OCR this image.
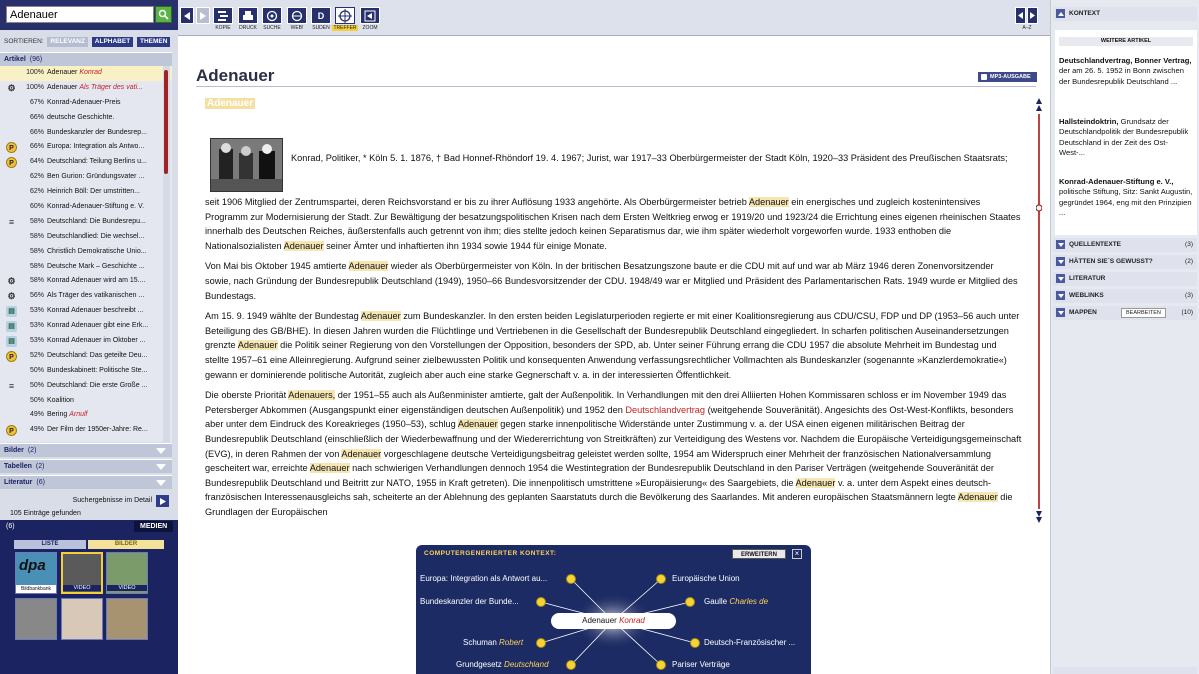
Adenauer
SORTIEREN: RELEVANZ ALPHABET THEMEN
Artikel (96)
100% Adenauer Konrad
⚙	100% Adenauer Als Träger des vati...
67% Konrad-Adenauer-Preis
66% deutsche Geschichte.
66% Bundeskanzler der Bundesrep...
P	66% Europa: Integration als Antwo...
P	64% Deutschland: Teilung Berlins u...
62% Ben Gurion: Gründungsvater ...
62% Heinrich Böll: Der umstritten...
60% Konrad-Adenauer-Stiftung e. V.
≡	58% Deutschland: Die Bundesrepu...
58% Deutschlandlied: Die wechsel...
58% Christlich Demokratische Unio...
58% Deutsche Mark – Geschichte ...
⚙	58% Konrad Adenauer wird am 15....
⚙	56% Als Träger des vatikanischen ...
▤	53% Konrad Adenauer beschreibt ...
▤	53% Konrad Adenauer gibt eine Erk...
▤	53% Konrad Adenauer im Oktober ...
P	52% Deutschland: Das geteilte Deu...
50% Bundeskabinett: Politische Ste...
≡	50% Deutschland: Die erste Große ...
50% Koalition
49% Bering Arnulf
P	49% Der Film der 1950er-Jahre: Re...
Bilder (2)
Tabellen (2)
Literatur (6)
Suchergebnisse im Detail
105 Einträge gefunden
(6)	MEDIEN
LISTE	BILDER
dpa
Bildbankbank	VIDEO	VIDEO
D
KOPIE	DRUCK	SUCHE	WEB!	SUDEN TREFFER	ZOOM	A–Z
Adenauer	MP3-AUSGABE
Adenauer
Konrad, Politiker, * Köln 5. 1. 1876, † Bad Honnef-Rhöndorf 19. 4. 1967; Jurist, war 1917–33 Oberbürgermeister der Stadt Köln, 1920–33 Präsident des Preußischen Staatsrats;

seit 1906 Mitglied der Zentrumspartei, deren Reichsvorstand er bis zu ihrer Auflösung 1933 angehörte. Als Oberbürgermeister betrieb Adenauer ein energisches und zugleich kostenintensives Programm zur Modernisierung der Stadt. Zur Bewältigung der besatzungspolitischen Krisen nach dem Ersten Weltkrieg erwog er 1919/20 und 1923/24 die Errichtung eines eigenen rheinischen Staates innerhalb des Deutschen Reiches, äußerstenfalls auch getrennt von ihm; dies stellte jedoch keinen Separatismus dar, wie ihm später wiederholt vorgeworfen wurde. 1933 enthoben die Nationalsozialisten Adenauer seiner Ämter und inhaftierten ihn 1934 sowie 1944 für einige Monate.

Von Mai bis Oktober 1945 amtierte Adenauer wieder als Oberbürgermeister von Köln. In der britischen Besatzungszone baute er die CDU mit auf und war ab März 1946 deren Zonenvorsitzender sowie, nach Gründung der Bundesrepublik Deutschland (1949), 1950–66 Bundesvorsitzender der CDU. 1948/49 war er Mitglied und Präsident des Parlamentarischen Rats. 1949 wurde er Mitglied des Bundestags.

Am 15. 9. 1949 wählte der Bundestag Adenauer zum Bundeskanzler. In den ersten beiden Legislaturperioden regierte er mit einer Koalitionsregierung aus CDU/CSU, FDP und DP (1953–56 auch unter Beteiligung des GB/BHE). In diesen Jahren wurden die Flüchtlinge und Vertriebenen in die Gesellschaft der Bundesrepublik Deutschland eingegliedert. In scharfen politischen Auseinandersetzungen grenzte Adenauer die Politik seiner Regierung von den Vorstellungen der Opposition, besonders der SPD, ab. Unter seiner Führung errang die CDU 1957 die absolute Mehrheit im Bundestag und stellte 1957–61 eine Alleinregierung. Aufgrund seiner zielbewussten Politik und konsequenten Anwendung verfassungsrechtlicher Vollmachten als Bundeskanzler (sogenannte »Kanzlerdemokratie«) gewann er dominierende politische Autorität, zugleich aber auch eine starke Gegnerschaft v. a. in der interessierten Öffentlichkeit.

Die oberste Priorität Adenauers, der 1951–55 auch als Außenminister amtierte, galt der Außenpolitik. In Verhandlungen mit den drei Alliierten Hohen Kommissaren schloss er im November 1949 das Petersberger Abkommen (Ausgangspunkt einer eigenständigen deutschen Außenpolitik) und 1952 den Deutschlandvertrag (weitgehende Souveränität). Angesichts des Ost-West-Konflikts, besonders aber unter dem Eindruck des Koreakrieges (1950–53), schlug Adenauer gegen starke innenpolitische Widerstände unter Zustimmung v. a. der USA einen eigenen militärischen Beitrag der Bundesrepublik Deutschland (einschließlich der Wiederbewaffnung und der Wiedererrichtung von Streitkräften) zur Verteidigung des Westens vor. Nachdem die Europäische Verteidigungsgemeinschaft (EVG), in deren Rahmen der von Adenauer vorgeschlagene deutsche Verteidigungsbeitrag geleistet werden sollte, 1954 am Widerspruch einer Mehrheit der französischen Nationalversammlung gescheitert war, erreichte Adenauer nach schwierigen Verhandlungen dennoch 1954 die Westintegration der Bundesrepublik Deutschland in den Pariser Verträgen (weitgehende Souveränität der Bundesrepublik Deutschland und Beitritt zur NATO, 1955 in Kraft getreten). Die innenpolitisch umstrittene »Europäisierung« des Saargebiets, die Adenauer v. a. unter dem Aspekt eines deutsch-französischen Interessenausgleichs sah, scheiterte an der Ablehnung des geplanten Saarstatuts durch die Bevölkerung des Saarlandes. Mit anderen europäischen Staatsmännern legte Adenauer die Grundlagen der Europäischen

COMPUTERGENERIERTER KONTEXT:	ERWEITERN	×
Adenauer Konrad
Europa: Integration als Antwort au...	Europäische Union
Bundeskanzler der Bunde...	Gaulle Charles de
Schuman Robert	Deutsch-Französischer ...
Grundgesetz Deutschland	Pariser Verträge
KONTEXT
WEITERE ARTIKEL
Deutschlandvertrag, Bonner Vertrag, der am 26. 5. 1952 in Bonn zwischen der Bundesrepublik Deutschland ...
Hallsteindoktrin, Grundsatz der Deutschlandpolitik der Bundesrepublik Deutschland in der Zeit des Ost-West-...
Konrad-Adenauer-Stiftung e. V., politische Stiftung, Sitz: Sankt Augustin, gegründet 1964, eng mit den Prinzipien ...
QUELLENTEXTE	(3)
HÄTTEN SIE´S GEWUSST?	(2)
LITERATUR
WEBLINKS	(3)
MAPPEN	BEARBEITEN	(10)
